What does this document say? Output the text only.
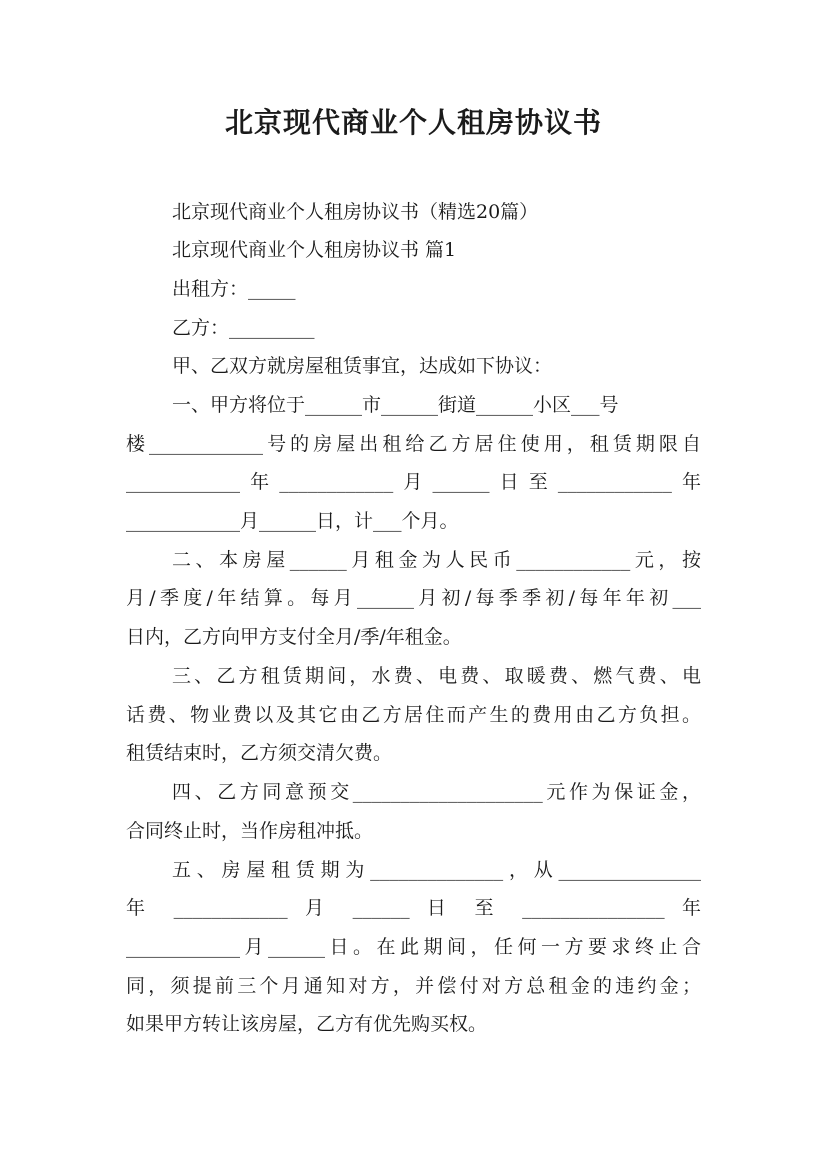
北京现代商业个人租房协议书
北京现代商业个人租房协议书（精选20篇）
北京现代商业个人租房协议书 篇1
出租方：_____
乙方：_________
甲、乙双方就房屋租赁事宜，达成如下协议：
一、甲方将位于______市______街道______小区___号
楼____________号的房屋出租给乙方居住使用，租赁期限自
____________年____________月______日至____________年
____________月______日，计___个月。
二、本房屋______月租金为人民币____________元，按
月/季度/年结算。每月______月初/每季季初/每年年初___
日内，乙方向甲方支付全月/季/年租金。
三、乙方租赁期间，水费、电费、取暖费、燃气费、电
话费、物业费以及其它由乙方居住而产生的费用由乙方负担。
租赁结束时，乙方须交清欠费。
四、乙方同意预交____________________元作为保证金，
合同终止时，当作房租冲抵。
五、房屋租赁期为______________，从_______________
年 ____________ 月 ______ 日 至 _______________ 年
____________月______日。在此期间，任何一方要求终止合
同，须提前三个月通知对方，并偿付对方总租金的违约金；
如果甲方转让该房屋，乙方有优先购买权。
